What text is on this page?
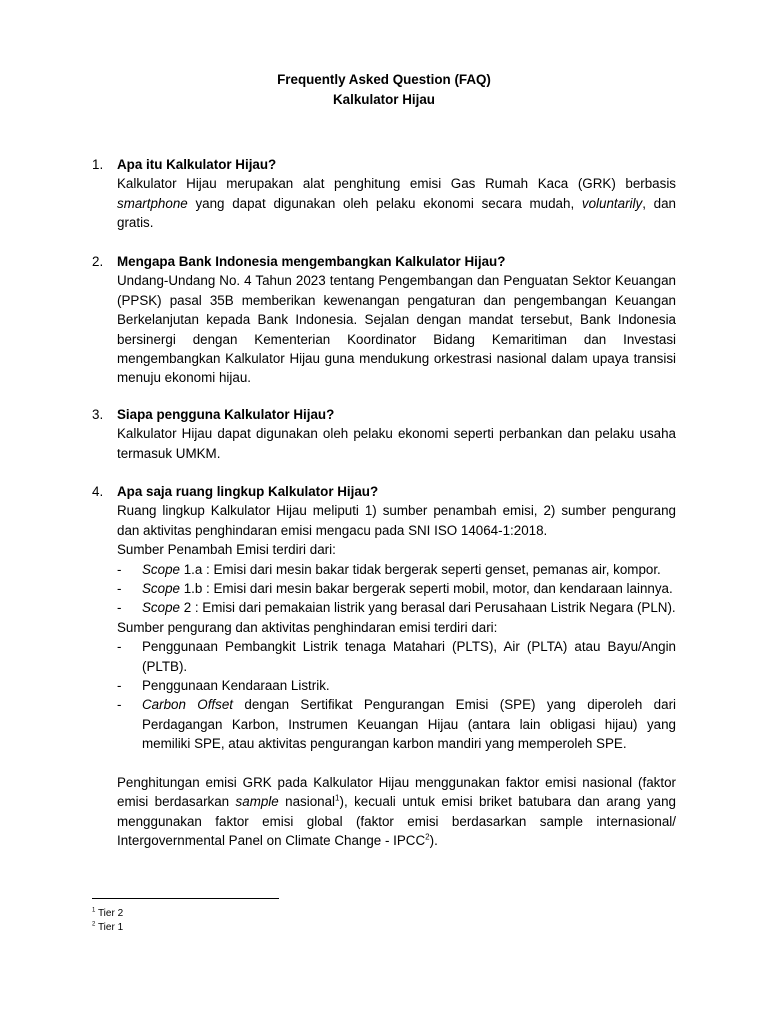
Frequently Asked Question (FAQ)
Kalkulator Hijau
1. Apa itu Kalkulator Hijau?
Kalkulator Hijau merupakan alat penghitung emisi Gas Rumah Kaca (GRK) berbasis smartphone yang dapat digunakan oleh pelaku ekonomi secara mudah, voluntarily, dan gratis.
2. Mengapa Bank Indonesia mengembangkan Kalkulator Hijau?
Undang-Undang No. 4 Tahun 2023 tentang Pengembangan dan Penguatan Sektor Keuangan (PPSK) pasal 35B memberikan kewenangan pengaturan dan pengembangan Keuangan Berkelanjutan kepada Bank Indonesia. Sejalan dengan mandat tersebut, Bank Indonesia bersinergi dengan Kementerian Koordinator Bidang Kemaritiman dan Investasi mengembangkan Kalkulator Hijau guna mendukung orkestrasi nasional dalam upaya transisi menuju ekonomi hijau.
3. Siapa pengguna Kalkulator Hijau?
Kalkulator Hijau dapat digunakan oleh pelaku ekonomi seperti perbankan dan pelaku usaha termasuk UMKM.
4. Apa saja ruang lingkup Kalkulator Hijau?
Ruang lingkup Kalkulator Hijau meliputi 1) sumber penambah emisi, 2) sumber pengurang dan aktivitas penghindaran emisi mengacu pada SNI ISO 14064-1:2018.
Sumber Penambah Emisi terdiri dari:
- Scope 1.a : Emisi dari mesin bakar tidak bergerak seperti genset, pemanas air, kompor.
- Scope 1.b : Emisi dari mesin bakar bergerak seperti mobil, motor, dan kendaraan lainnya.
- Scope 2 : Emisi dari pemakaian listrik yang berasal dari Perusahaan Listrik Negara (PLN).
Sumber pengurang dan aktivitas penghindaran emisi terdiri dari:
- Penggunaan Pembangkit Listrik tenaga Matahari (PLTS), Air (PLTA) atau Bayu/Angin (PLTB).
- Penggunaan Kendaraan Listrik.
- Carbon Offset dengan Sertifikat Pengurangan Emisi (SPE) yang diperoleh dari Perdagangan Karbon, Instrumen Keuangan Hijau (antara lain obligasi hijau) yang memiliki SPE, atau aktivitas pengurangan karbon mandiri yang memperoleh SPE.
Penghitungan emisi GRK pada Kalkulator Hijau menggunakan faktor emisi nasional (faktor emisi berdasarkan sample nasional$^1$), kecuali untuk emisi briket batubara dan arang yang menggunakan faktor emisi global (faktor emisi berdasarkan sample internasional/ Intergovernmental Panel on Climate Change - IPCC$^2$).
$^1$ Tier 2
$^2$ Tier 1
